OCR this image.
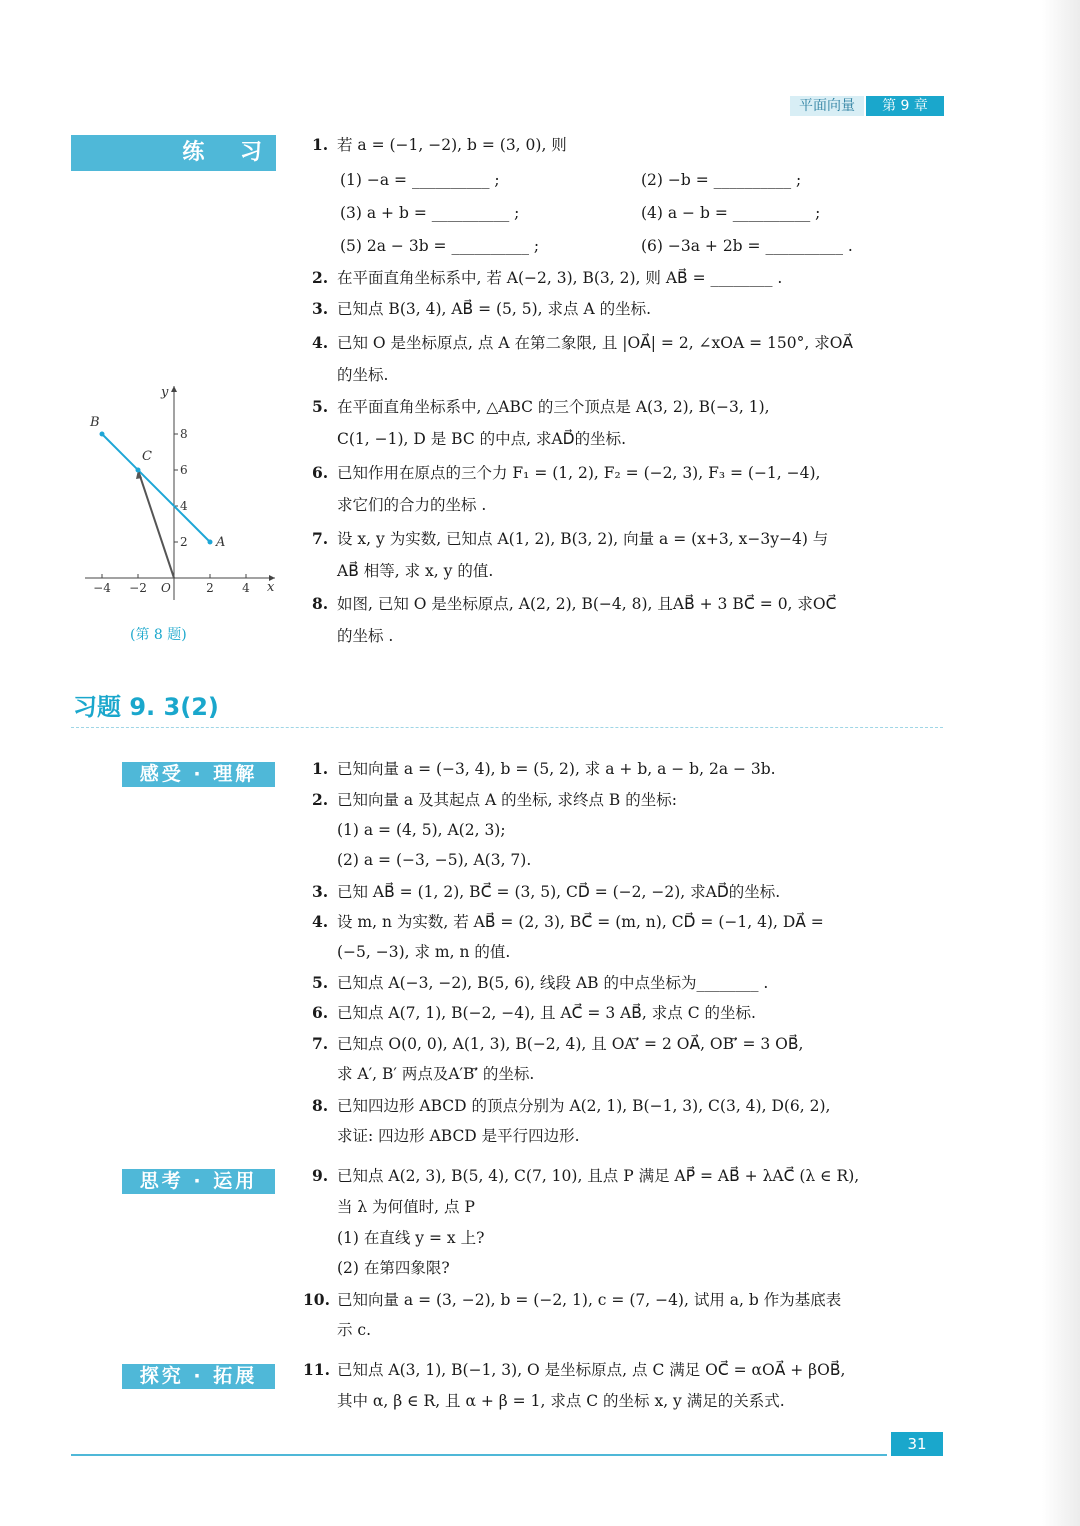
平面向量	第 9 章
练 习 1. 若 a = (−1, −2), b = (3, 0), 则
(1) −a = __________ ;	(2) −b = __________ ;
(3) a + b = __________ ;	(4) a − b = __________ ;
(5) 2a − 3b = __________ ;	(6) −3a + 2b = __________ .
2. 在平面直角坐标系中, 若 A(−2, 3), B(3, 2), 则 AB⃗ = ________ .
3. 已知点 B(3, 4), AB⃗ = (5, 5), 求点 A 的坐标.
4. 已知 O 是坐标原点, 点 A 在第二象限, 且 |OA⃗| = 2, ∠xOA = 150°, 求OA⃗
的坐标.
5. 在平面直角坐标系中, △ABC 的三个顶点是 A(3, 2), B(−3, 1),
C(1, −1), D 是 BC 的中点, 求AD⃗的坐标.
6. 已知作用在原点的三个力 F₁ = (1, 2), F₂ = (−2, 3), F₃ = (−1, −4),
求它们的合力的坐标 .
7. 设 x, y 为实数, 已知点 A(1, 2), B(3, 2), 向量 a = (x+3, x−3y−4) 与
AB⃗ 相等, 求 x, y 的值.
8. 如图, 已知 O 是坐标原点, A(2, 2), B(−4, 8), 且AB⃗ + 3 BC⃗ = 0, 求OC⃗
的坐标 .
x
y
O
−4 −2	2 4
2
4
6
8
A
B
C
(第 8 题)
习题 9. 3(2)
感受 · 理解
思考 · 运用
探究 · 拓展
1. 已知向量 a = (−3, 4), b = (5, 2), 求 a + b, a − b, 2a − 3b.
2. 已知向量 a 及其起点 A 的坐标, 求终点 B 的坐标:
(1) a = (4, 5), A(2, 3);
(2) a = (−3, −5), A(3, 7).
3. 已知 AB⃗ = (1, 2), BC⃗ = (3, 5), CD⃗ = (−2, −2), 求AD⃗的坐标.
4. 设 m, n 为实数, 若 AB⃗ = (2, 3), BC⃗ = (m, n), CD⃗ = (−1, 4), DA⃗ =
(−5, −3), 求 m, n 的值.
5. 已知点 A(−3, −2), B(5, 6), 线段 AB 的中点坐标为________ .
6. 已知点 A(7, 1), B(−2, −4), 且 AC⃗ = 3 AB⃗, 求点 C 的坐标.
7. 已知点 O(0, 0), A(1, 3), B(−2, 4), 且 OA′⃗ = 2 OA⃗, OB′⃗ = 3 OB⃗,
求 A′, B′ 两点及A′B′⃗ 的坐标.
8. 已知四边形 ABCD 的顶点分别为 A(2, 1), B(−1, 3), C(3, 4), D(6, 2),
求证: 四边形 ABCD 是平行四边形.
9. 已知点 A(2, 3), B(5, 4), C(7, 10), 且点 P 满足 AP⃗ = AB⃗ + λAC⃗ (λ ∈ R),
当 λ 为何值时, 点 P
(1) 在直线 y = x 上?
(2) 在第四象限?
10. 已知向量 a = (3, −2), b = (−2, 1), c = (7, −4), 试用 a, b 作为基底表
示 c.
11. 已知点 A(3, 1), B(−1, 3), O 是坐标原点, 点 C 满足 OC⃗ = αOA⃗ + βOB⃗,
其中 α, β ∈ R, 且 α + β = 1, 求点 C 的坐标 x, y 满足的关系式.
31
